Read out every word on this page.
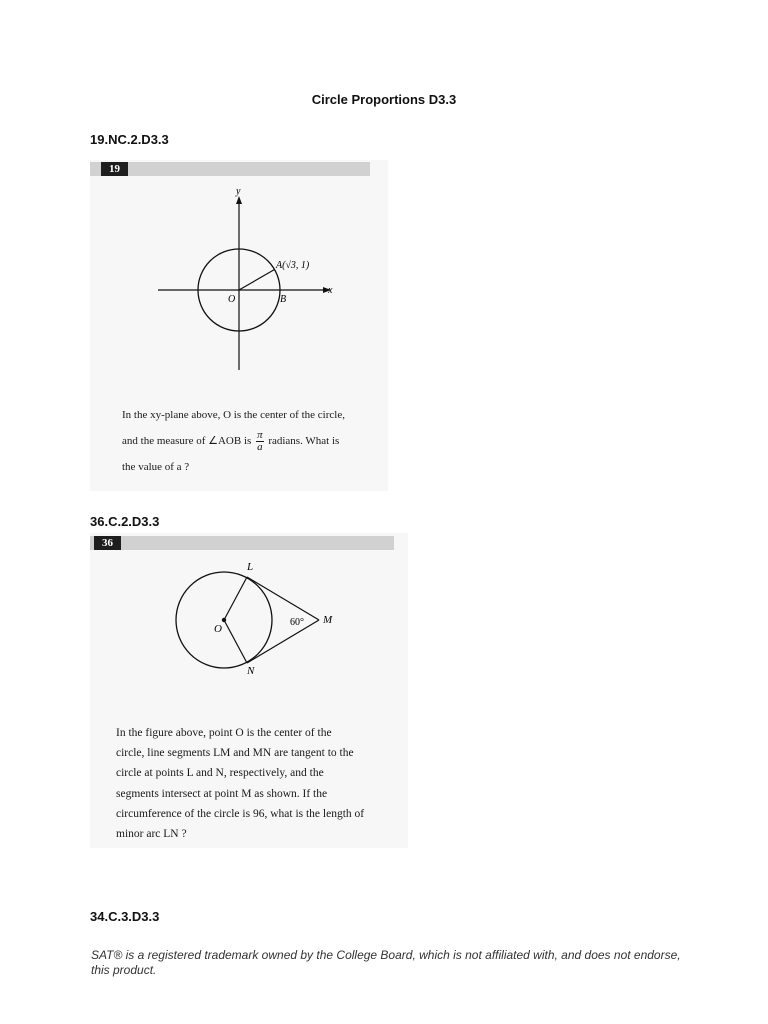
Circle Proportions D3.3
19.NC.2.D3.3
19
y
x
A(√3, 1)
O	B

In the xy-plane above, O is the center of the circle,

and the measure of ∠AOB is $\frac{\pi}{a}$ radians. What is

the value of a ?

36.C.2.D3.3
36
L
O
N
M
60°

In the figure above, point O is the center of the

circle, line segments LM and MN are tangent to the

circle at points L and N, respectively, and the

segments intersect at point M as shown. If the

circumference of the circle is 96, what is the length of

minor arc LN ?

34.C.3.D3.3
SAT® is a registered trademark owned by the College Board, which is not affiliated with, and does not endorse, this product.
